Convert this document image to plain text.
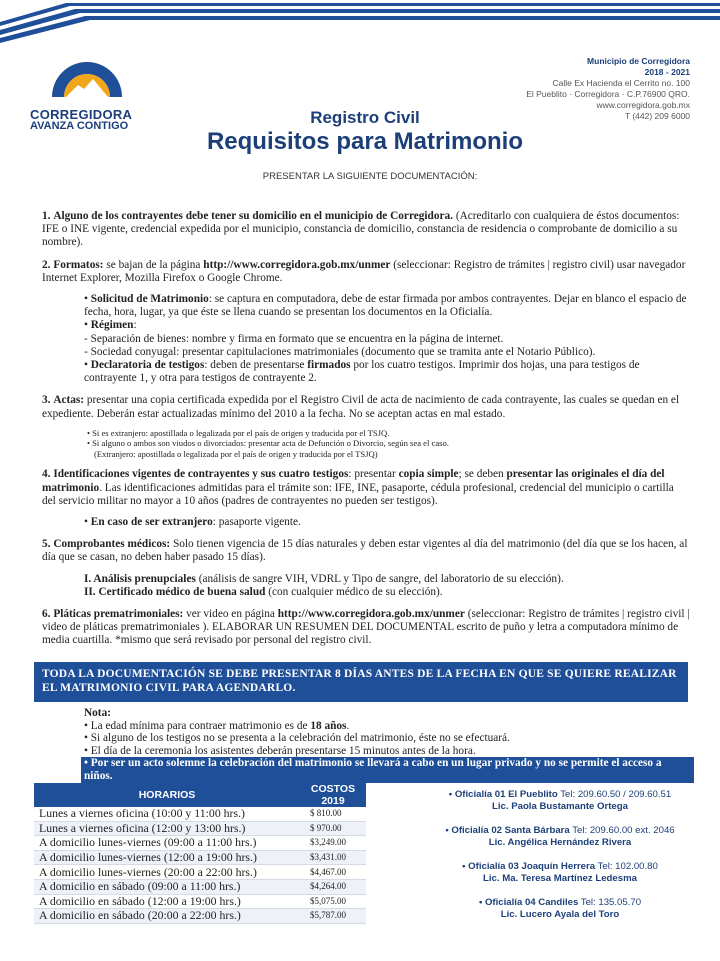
CORREGIDORA
AVANZA CONTIGO
Municipio de Corregidora
2018 - 2021
Calle Ex Hacienda el Cerrito no. 100
El Pueblito · Corregidora · C.P.76900 QRO.
www.corregidora.gob.mx
T (442) 209 6000
Registro Civil
Requisitos para Matrimonio
PRESENTAR LA SIGUIENTE DOCUMENTACIÓN:

1. Alguno de los contrayentes debe tener su domicilio en el municipio de Corregidora. (Acreditarlo con cualquiera de éstos documentos: IFE o INE vigente, credencial expedida por el municipio, constancia de domicilio, constancia de residencia o comprobante de domicilio a su nombre).

2. Formatos: se bajan de la página http://www.corregidora.gob.mx/unmer (seleccionar: Registro de trámites | registro civil) usar navegador Internet Explorer, Mozilla Firefox o Google Chrome.

• Solicitud de Matrimonio: se captura en computadora, debe de estar firmada por ambos contrayentes. Dejar en blanco el espacio de fecha, hora, lugar, ya que éste se llena cuando se presentan los documentos en la Oficialía.

• Régimen:

- Separación de bienes: nombre y firma en formato que se encuentra en la página de internet.

- Sociedad conyugal: presentar capitulaciones matrimoniales (documento que se tramita ante el Notario Público).

• Declaratoria de testigos: deben de presentarse firmados por los cuatro testigos. Imprimir dos hojas, una para testigos de contrayente 1, y otra para testigos de contrayente 2.

3. Actas: presentar una copia certificada expedida por el Registro Civil de acta de nacimiento de cada contrayente, las cuales se quedan en el expediente. Deberán estar actualizadas mínimo del 2010 a la fecha. No se aceptan actas en mal estado.

• Si es extranjero: apostillada o legalizada por el país de origen y traducida por el TSJQ.

• Si alguno o ambos son viudos o divorciados: presentar acta de Defunción o Divorcio, según sea el caso.

(Extranjero: apostillada o legalizada por el país de origen y traducida por el TSJQ)

4. Identificaciones vigentes de contrayentes y sus cuatro testigos: presentar copia simple; se deben presentar las originales el día del matrimonio. Las identificaciones admitidas para el trámite son: IFE, INE, pasaporte, cédula profesional, credencial del municipio o cartilla del servicio militar no mayor a 10 años (padres de contrayentes no pueden ser testigos).

• En caso de ser extranjero: pasaporte vigente.

5. Comprobantes médicos: Solo tienen vigencia de 15 días naturales y deben estar vigentes al día del matrimonio (del día que se los hacen, al día que se casan, no deben haber pasado 15 días).

I. Análisis prenupciales (análisis de sangre VIH, VDRL y Tipo de sangre, del laboratorio de su elección).

II. Certificado médico de buena salud (con cualquier médico de su elección).

6. Pláticas prematrimoniales: ver video en página http://www.corregidora.gob.mx/unmer (seleccionar: Registro de trámites | registro civil | video de pláticas prematrimoniales ). ELABORAR UN RESUMEN DEL DOCUMENTAL escrito de puño y letra a computadora mínimo de media cuartilla. *mismo que será revisado por personal del registro civil.

TODA LA DOCUMENTACIÓN SE DEBE PRESENTAR 8 DÍAS ANTES DE LA FECHA EN QUE SE QUIERE REALIZAR EL MATRIMONIO CIVIL PARA AGENDARLO.

Nota:

• La edad mínima para contraer matrimonio es de 18 años.

• Si alguno de los testigos no se presenta a la celebración del matrimonio, éste no se efectuará.

• El día de la ceremonia los asistentes deberán presentarse 15 minutos antes de la hora.

• Por ser un acto solemne la celebración del matrimonio se llevará a cabo en un lugar privado y no se permite el acceso a niños.

HORARIOS	COSTOS 2019
Lunes a viernes oficina (10:00 y 11:00 hrs.)	$ 810.00
Lunes a viernes oficina (12:00 y 13:00 hrs.)	$ 970.00
A domicilio lunes-viernes (09:00 a 11:00 hrs.)	$3,249.00
A domicilio lunes-viernes (12:00 a 19:00 hrs.)	$3,431.00
A domicilio lunes-viernes (20:00 a 22:00 hrs.)	$4,467.00
A domicilio en sábado (09:00 a 11:00 hrs.)	$4,264.00
A domicilio en sábado (12:00 a 19:00 hrs.)	$5,075.00
A domicilio en sábado (20:00 a 22:00 hrs.)	$5,787.00
• Oficialía 01 El Pueblito Tel: 209.60.50 / 209.60.51
Lic. Paola Bustamante Ortega
• Oficialía 02 Santa Bárbara Tel: 209.60.00 ext. 2046
Lic. Angélica Hernández Rivera
• Oficialía 03 Joaquín Herrera Tel: 102.00.80
Lic. Ma. Teresa Martínez Ledesma
• Oficialía 04 Candiles Tel: 135.05.70
Lic. Lucero Ayala del Toro
